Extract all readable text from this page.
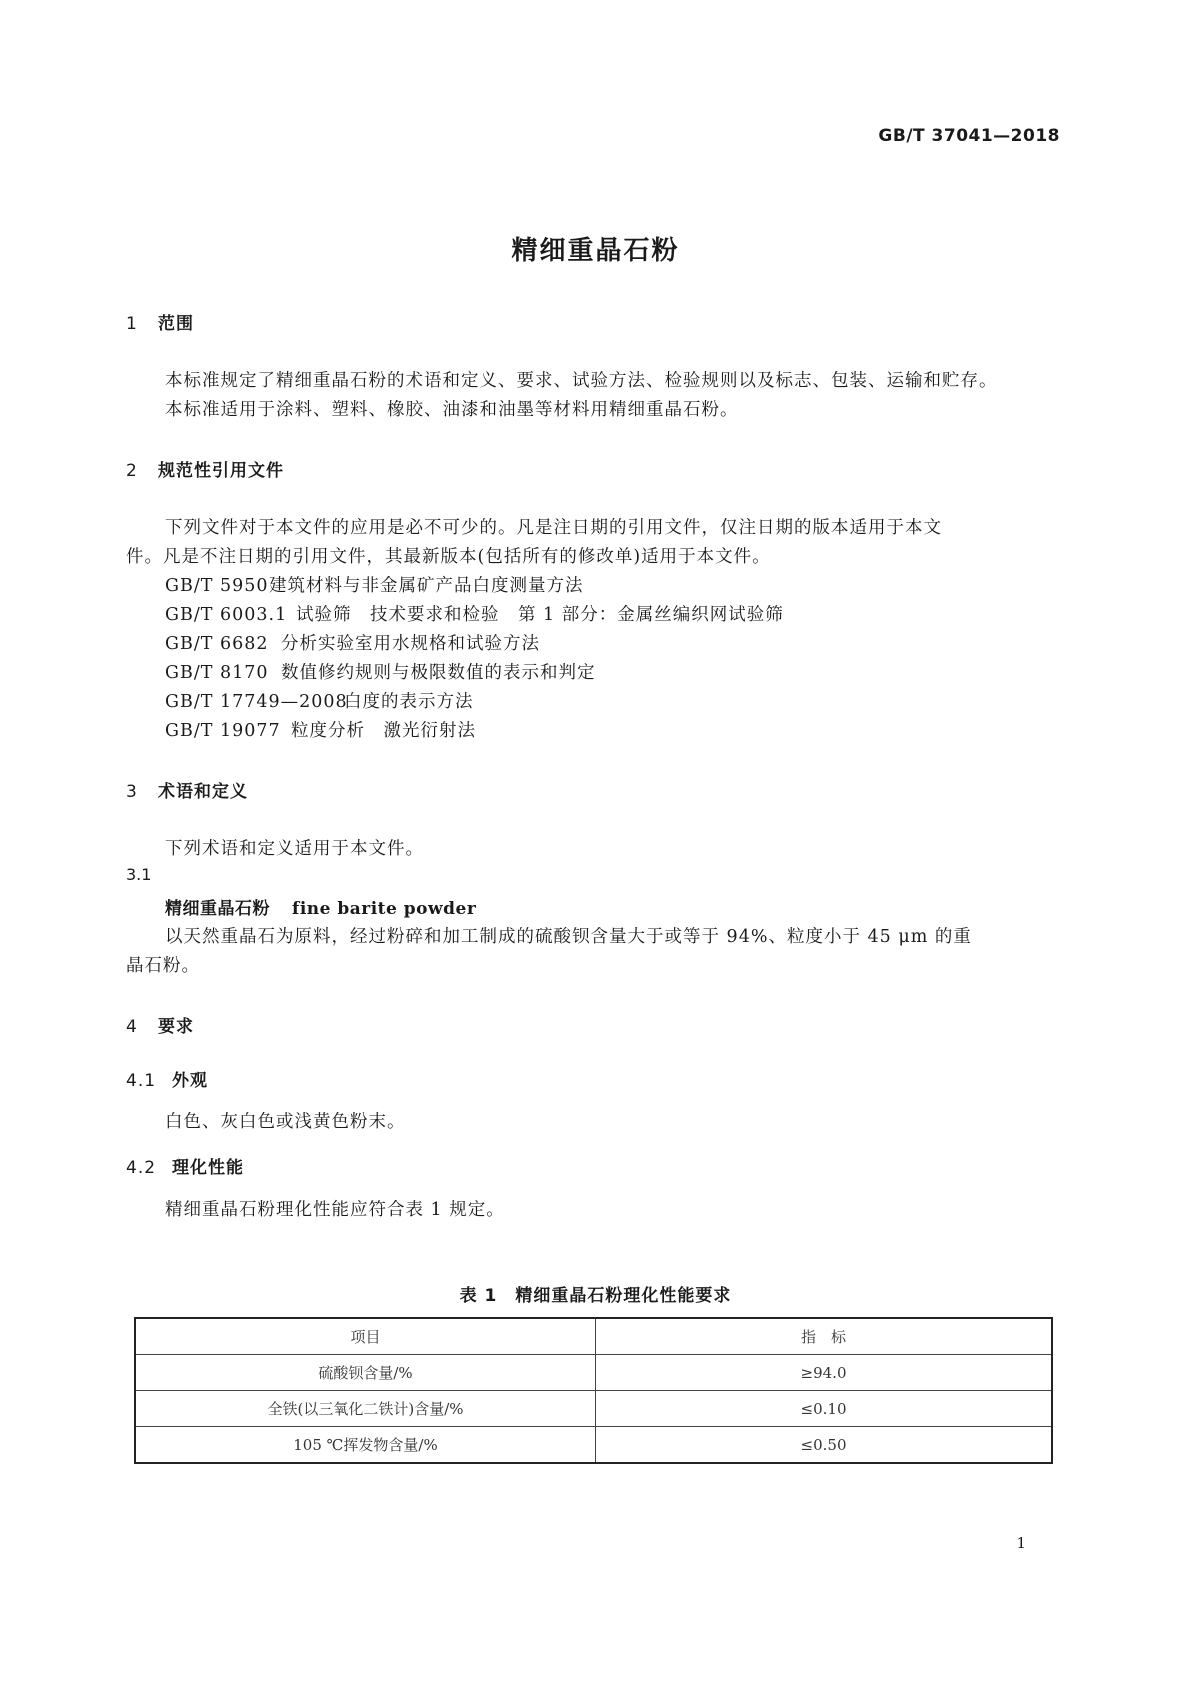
GB/T 37041—2018
精细重晶石粉
1 范围
本标准规定了精细重晶石粉的术语和定义、要求、试验方法、检验规则以及标志、包装、运输和贮存。
本标准适用于涂料、塑料、橡胶、油漆和油墨等材料用精细重晶石粉。
2 规范性引用文件
下列文件对于本文件的应用是必不可少的。凡是注日期的引用文件，仅注日期的版本适用于本文
件。凡是不注日期的引用文件，其最新版本(包括所有的修改单)适用于本文件。
GB/T 5950建筑材料与非金属矿产品白度测量方法
GB/T 6003.1 试验筛　技术要求和检验　第 1 部分：金属丝编织网试验筛
GB/T 6682 分析实验室用水规格和试验方法
GB/T 8170 数值修约规则与极限数值的表示和判定
GB/T 17749—2008白度的表示方法
GB/T 19077 粒度分析　激光衍射法
3 术语和定义
下列术语和定义适用于本文件。
3.1
精细重晶石粉 fine barite powder
以天然重晶石为原料，经过粉碎和加工制成的硫酸钡含量大于或等于 94%、粒度小于 45 μm 的重
晶石粉。
4 要求
4.1 外观
白色、灰白色或浅黄色粉末。
4.2 理化性能
精细重晶石粉理化性能应符合表 1 规定。
表 1　精细重晶石粉理化性能要求
项目	指　标
硫酸钡含量/%	≥94.0
全铁(以三氧化二铁计)含量/%	≤0.10
105 ℃挥发物含量/%	≤0.50
1
